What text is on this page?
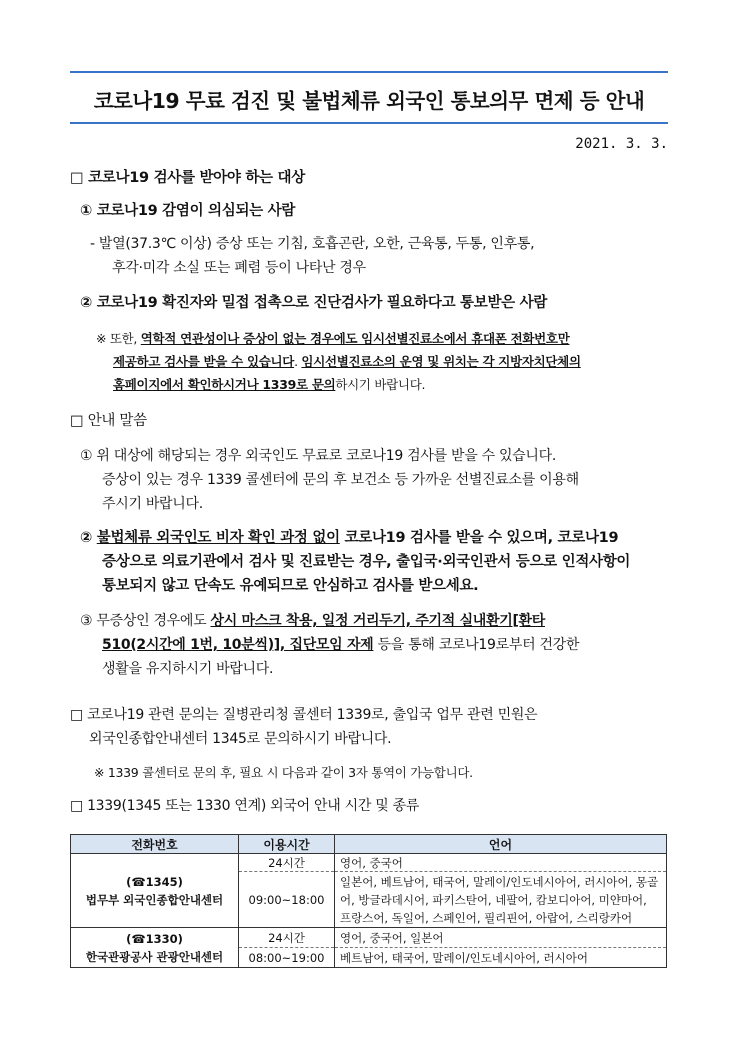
코로나19 무료 검진 및 불법체류 외국인 통보의무 면제 등 안내
2021. 3. 3.
□ 코로나19 검사를 받아야 하는 대상
① 코로나19 감염이 의심되는 사람
- 발열(37.3℃ 이상) 증상 또는 기침, 호흡곤란, 오한, 근육통, 두통, 인후통,
후각·미각 소실 또는 폐렴 등이 나타난 경우
② 코로나19 확진자와 밀접 접촉으로 진단검사가 필요하다고 통보받은 사람
※ 또한, 역학적 연관성이나 증상이 없는 경우에도 임시선별진료소에서 휴대폰 전화번호만
제공하고 검사를 받을 수 있습니다. 임시선별진료소의 운영 및 위치는 각 지방자치단체의
홈페이지에서 확인하시거나 1339로 문의하시기 바랍니다.
□ 안내 말씀
① 위 대상에 해당되는 경우 외국인도 무료로 코로나19 검사를 받을 수 있습니다.
증상이 있는 경우 1339 콜센터에 문의 후 보건소 등 가까운 선별진료소를 이용해
주시기 바랍니다.
② 불법체류 외국인도 비자 확인 과정 없이 코로나19 검사를 받을 수 있으며, 코로나19
증상으로 의료기관에서 검사 및 진료받는 경우, 출입국·외국인관서 등으로 인적사항이
통보되지 않고 단속도 유예되므로 안심하고 검사를 받으세요.
③ 무증상인 경우에도 상시 마스크 착용, 일정 거리두기, 주기적 실내환기[환타
510(2시간에 1번, 10분씩)], 집단모임 자제 등을 통해 코로나19로부터 건강한
생활을 유지하시기 바랍니다.
□ 코로나19 관련 문의는 질병관리청 콜센터 1339로, 출입국 업무 관련 민원은
외국인종합안내센터 1345로 문의하시기 바랍니다.
※ 1339 콜센터로 문의 후, 필요 시 다음과 같이 3자 통역이 가능합니다.
□ 1339(1345 또는 1330 연계) 외국어 안내 시간 및 종류
전화번호	이용시간	언어

(☎1345)
법무부 외국인종합안내센터	24시간	영어, 중국어
	09:00~18:00	일본어, 베트남어, 태국어, 말레이/인도네시아어, 러시아어, 몽골
어, 방글라데시어, 파키스탄어, 네팔어, 캄보디아어, 미얀마어,
프랑스어, 독일어, 스페인어, 필리핀어, 아랍어, 스리랑카어

(☎1330)
한국관광공사 관광안내센터	24시간	영어, 중국어, 일본어
	08:00~19:00	베트남어, 태국어, 말레이/인도네시아어, 러시아어
